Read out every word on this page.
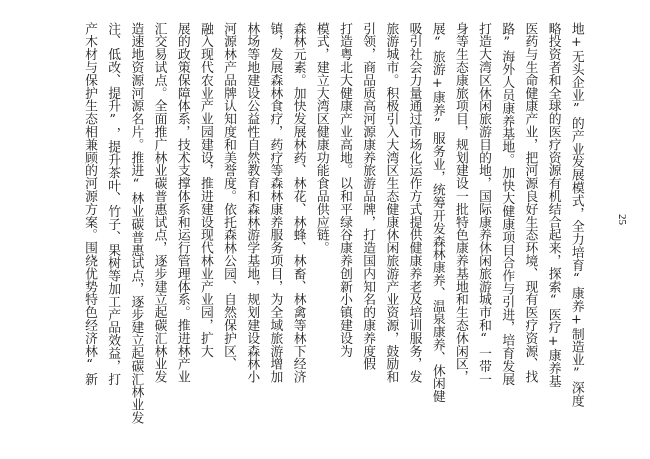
产木材与保护生态相兼顾的河源方案。围绕优势特色经济林“新 注、低改、提升”，提升茶叶、竹子、果树等加工产品效益，打 造速地资源河源名片。推进“林业碳普惠试点，逐步建立起碳汇林业发 汇交易试点。全面推广林业碳普惠试点，逐步建立起碳汇林业发 展的政策保障体系，技术支撑体系和运行管理体系。推进林产业 融入现代农业产业园建设，推进建设现代林业产业园，扩大 河源林产品牌认知度和美誉度。依托森林公园、自然保护区、 林场等地建设公益性自然教育和森林游学基地，规划建设森林小 镇，发展森林食疗，药疗等森林康养服务项目，为全域旅游增加 森林元素。加快发展林药、林花、林蜂、林畜、林禽等林下经济 模式，建立大湾区健康功能食品供应链。 打造粤北大健康产业高地。以和平绿谷康养创新小镇建设为 引领，商品质高河源康养旅游品牌，打造国内知名的康养度假 旅游城市。积极引入大湾区生态健康休闲旅游产业资源，鼓励和 吸引社会力量通过市场化运作方式提供健康养老及培训服务，发 展“旅游+康养”服务业，统筹开发森林康养、温泉康养、休闲健 身等生态康旅项目，规划建设一批特色康养基地和生态休闲区， 打造大湾区休闲旅游目的地，国际康养休闲旅游城市和“一带一 路”海外人员康养基地。加快大健康项目合作与引进，培育发展 医药与生命健康产业，把河源良好生态环境、现有医疗资源、找 略投资者和全球的医疗资源有机结合起来，探索“医疗+康养基 地+无头企业”的产业发展模式，全力培育“康养+制造业”深度	25
